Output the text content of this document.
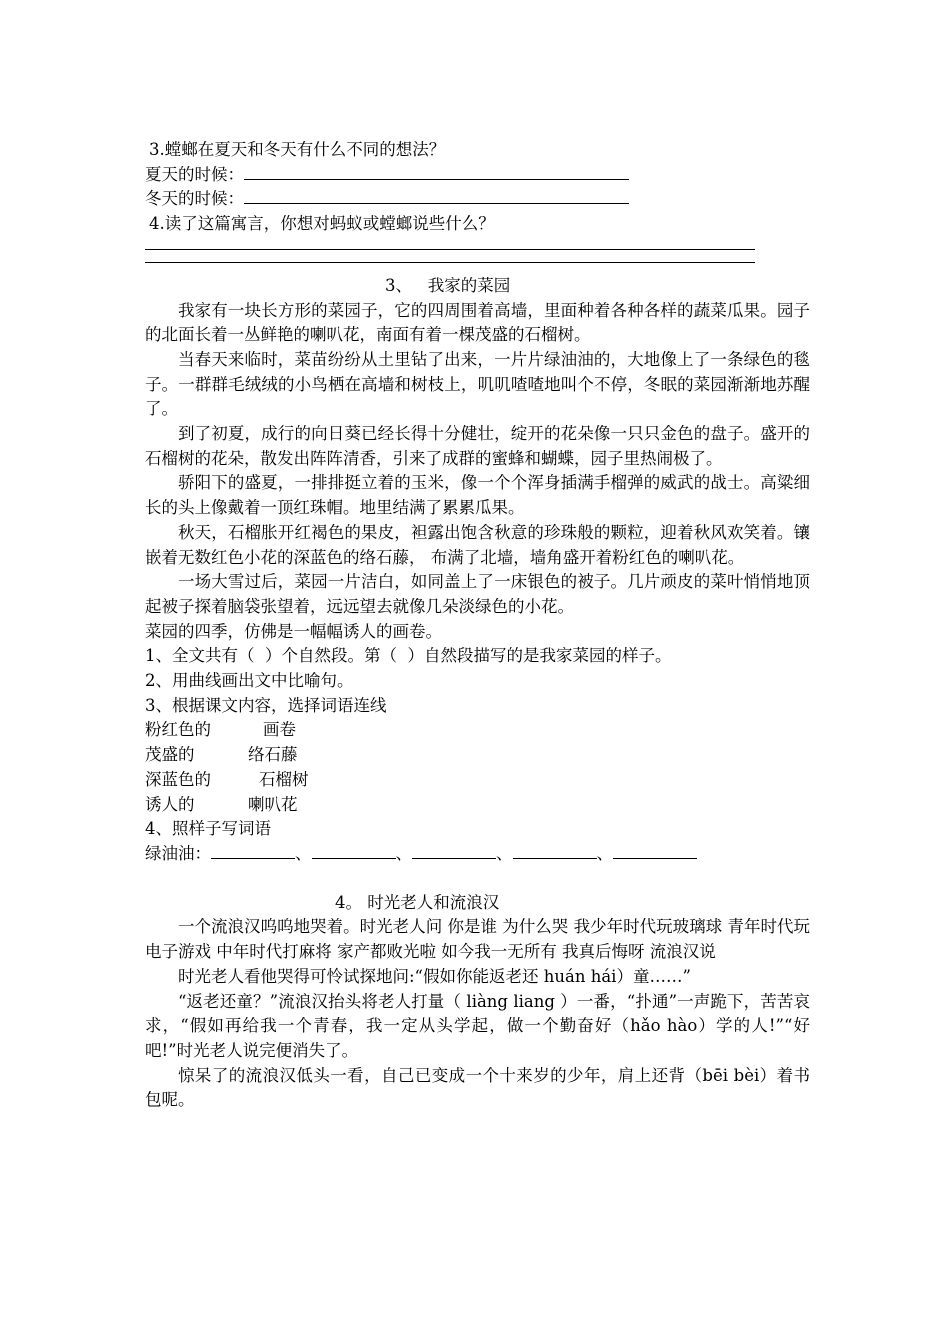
3.螳螂在夏天和冬天有什么不同的想法？
夏天的时候：
冬天的时候：
4.读了这篇寓言，你想对蚂蚁或螳螂说些什么？
3、   我家的菜园

我家有一块长方形的菜园子，它的四周围着高墙，里面种着各种各样的蔬菜瓜果。园子的北面长着一丛鲜艳的喇叭花，南面有着一棵茂盛的石榴树。

当春天来临时，菜苗纷纷从土里钻了出来，一片片绿油油的，大地像上了一条绿色的毯子。一群群毛绒绒的小鸟栖在高墙和树枝上，叽叽喳喳地叫个不停，冬眠的菜园渐渐地苏醒了。

到了初夏，成行的向日葵已经长得十分健壮，绽开的花朵像一只只金色的盘子。盛开的石榴树的花朵，散发出阵阵清香，引来了成群的蜜蜂和蝴蝶，园子里热闹极了。

骄阳下的盛夏，一排排挺立着的玉米，像一个个浑身插满手榴弹的威武的战士。高粱细长的头上像戴着一顶红珠帽。地里结满了累累瓜果。

秋天，石榴胀开红褐色的果皮，袒露出饱含秋意的珍珠般的颗粒，迎着秋风欢笑着。镶嵌着无数红色小花的深蓝色的络石藤， 布满了北墙，墙角盛开着粉红色的喇叭花。

一场大雪过后，菜园一片洁白，如同盖上了一床银色的被子。几片顽皮的菜叶悄悄地顶起被子探着脑袋张望着，远远望去就像几朵淡绿色的小花。

菜园的四季，仿佛是一幅幅诱人的画卷。
1、全文共有（  ）个自然段。第（  ）自然段描写的是我家菜园的样子。
2、用曲线画出文中比喻句。
3、根据课文内容，选择词语连线
粉红色的	画卷
茂盛的	络石藤
深蓝色的	石榴树
诱人的	喇叭花
4、照样子写词语
绿油油：	、	、	、	、
4。 时光老人和流浪汉

一个流浪汉呜呜地哭着。时光老人问 你是谁 为什么哭 我少年时代玩玻璃球 青年时代玩电子游戏 中年时代打麻将 家产都败光啦 如今我一无所有 我真后悔呀 流浪汉说

时光老人看他哭得可怜试探地问:“假如你能返老还 huán hái）童……”

“返老还童？”流浪汉抬头将老人打量（ liàng liang ）一番，“扑通”一声跪下，苦苦哀求，“假如再给我一个青春，我一定从头学起，做一个勤奋好（hǎo hào）学的人!”“好吧!”时光老人说完便消失了。

惊呆了的流浪汉低头一看，自己已变成一个十来岁的少年，肩上还背（bēi bèi）着书包呢。
